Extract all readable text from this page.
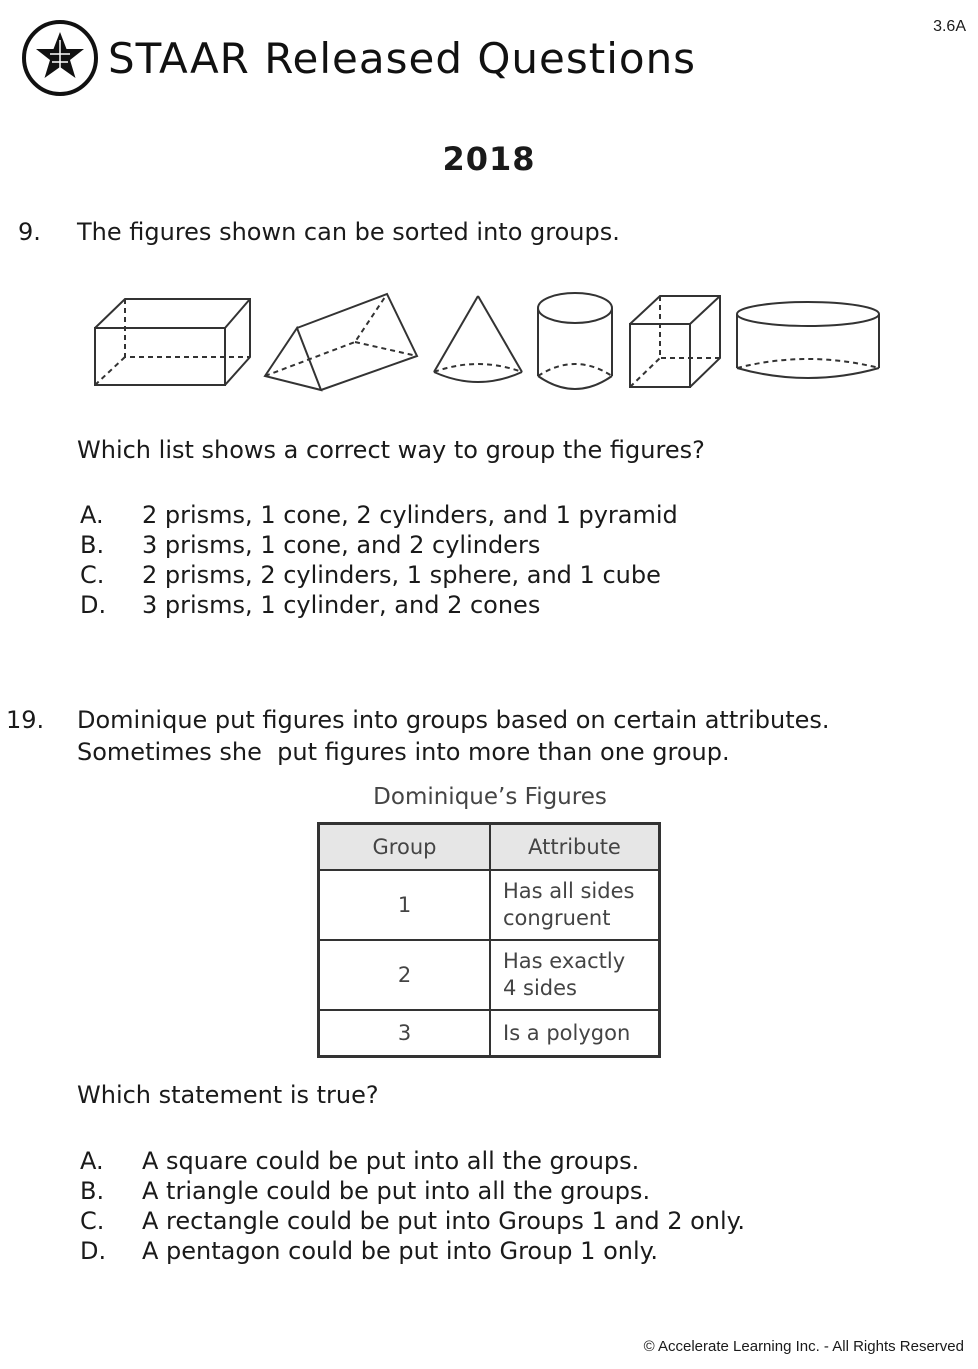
STAAR Released Questions
3.6A
2018
9. The figures shown can be sorted into groups.
Which list shows a correct way to group the figures?
A.	2 prisms, 1 cone, 2 cylinders, and 1 pyramid
B.	3 prisms, 1 cone, and 2 cylinders
C.	2 prisms, 2 cylinders, 1 sphere, and 1 cube
D.	3 prisms, 1 cylinder, and 2 cones
19. Dominique put figures into groups based on certain attributes.
Sometimes she  put figures into more than one group.
Dominique’s Figures
Group	Attribute
1	Has all sides
congruent

2	Has exactly
4 sides

3	Is a polygon
Which statement is true?
A.	A square could be put into all the groups.
B.	A triangle could be put into all the groups.
C.	A rectangle could be put into Groups 1 and 2 only.
D.	A pentagon could be put into Group 1 only.
© Accelerate Learning Inc. - All Rights Reserved
